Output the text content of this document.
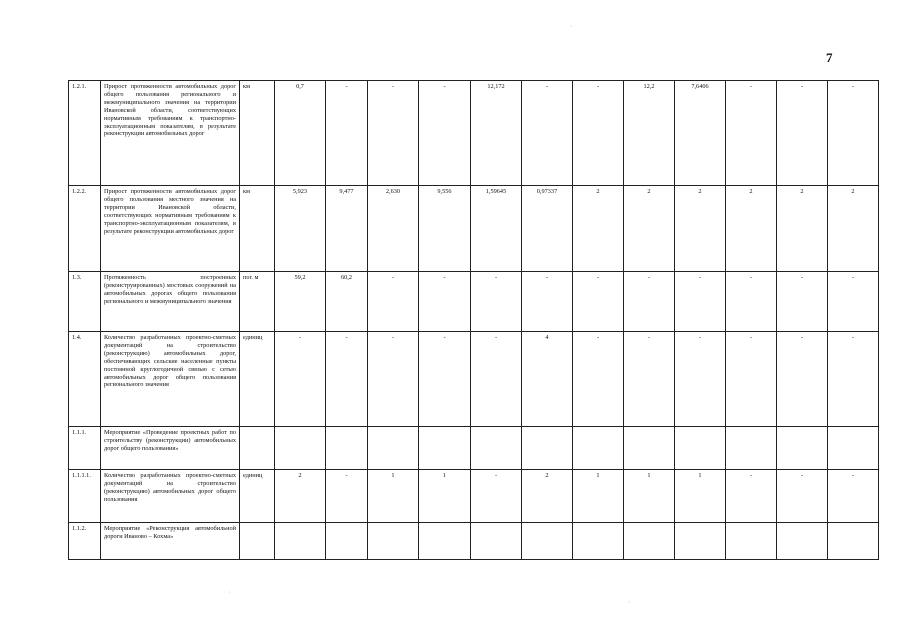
7
1.2.1.	Прирост протяженности автомобильных дорог общего пользования регионального и межмуниципального значения на территории Ивановской области, соответствующих нормативным требованиям к транспортно-эксплуатационным показателям, в результате реконструкции автомобильных дорог	км	0,7	-	-	-	12,172	-	-	12,2	7,6406	-	-	-
1.2.2.	Прирост протяженности автомобильных дорог общего пользования местного значения на территории Ивановской области, соответствующих нормативным требованиям к транспортно-эксплуатационным показателям, в результате реконструкции автомобильных дорог	км	5,923	9,477	2,630	9,556	1,59645	0,97337	2	2	2	2	2	2
1.3.	Протяженность построенных (реконструированных) мостовых сооружений на автомобильных дорогах общего пользования регионального и межмуниципального значения	пог. м	59,2	60,2	-	-	-	-	-	-	-	-	-	-
1.4.	Количество разработанных проектно-сметных документаций на строительство (реконструкцию) автомобильных дорог, обеспечивающих сельские населенные пункты постоянной круглогодичной связью с сетью автомобильных дорог общего пользования регионального значения	единиц	-	-	-	-	-	4	-	-	-	-	-	-
1.1.1.	Мероприятие «Проведение проектных работ по строительству (реконструкции) автомобильных дорог общего пользования»													
1.1.1.1.	Количество разработанных проектно-сметных документаций на строительство (реконструкцию) автомобильных дорог общего пользования	единиц	2	-	1	1	-	2	1	1	1	-	-	-
1.1.2.	Мероприятие «Реконструкция автомобильной дороги Иваново – Кохма»													
·
·
·
